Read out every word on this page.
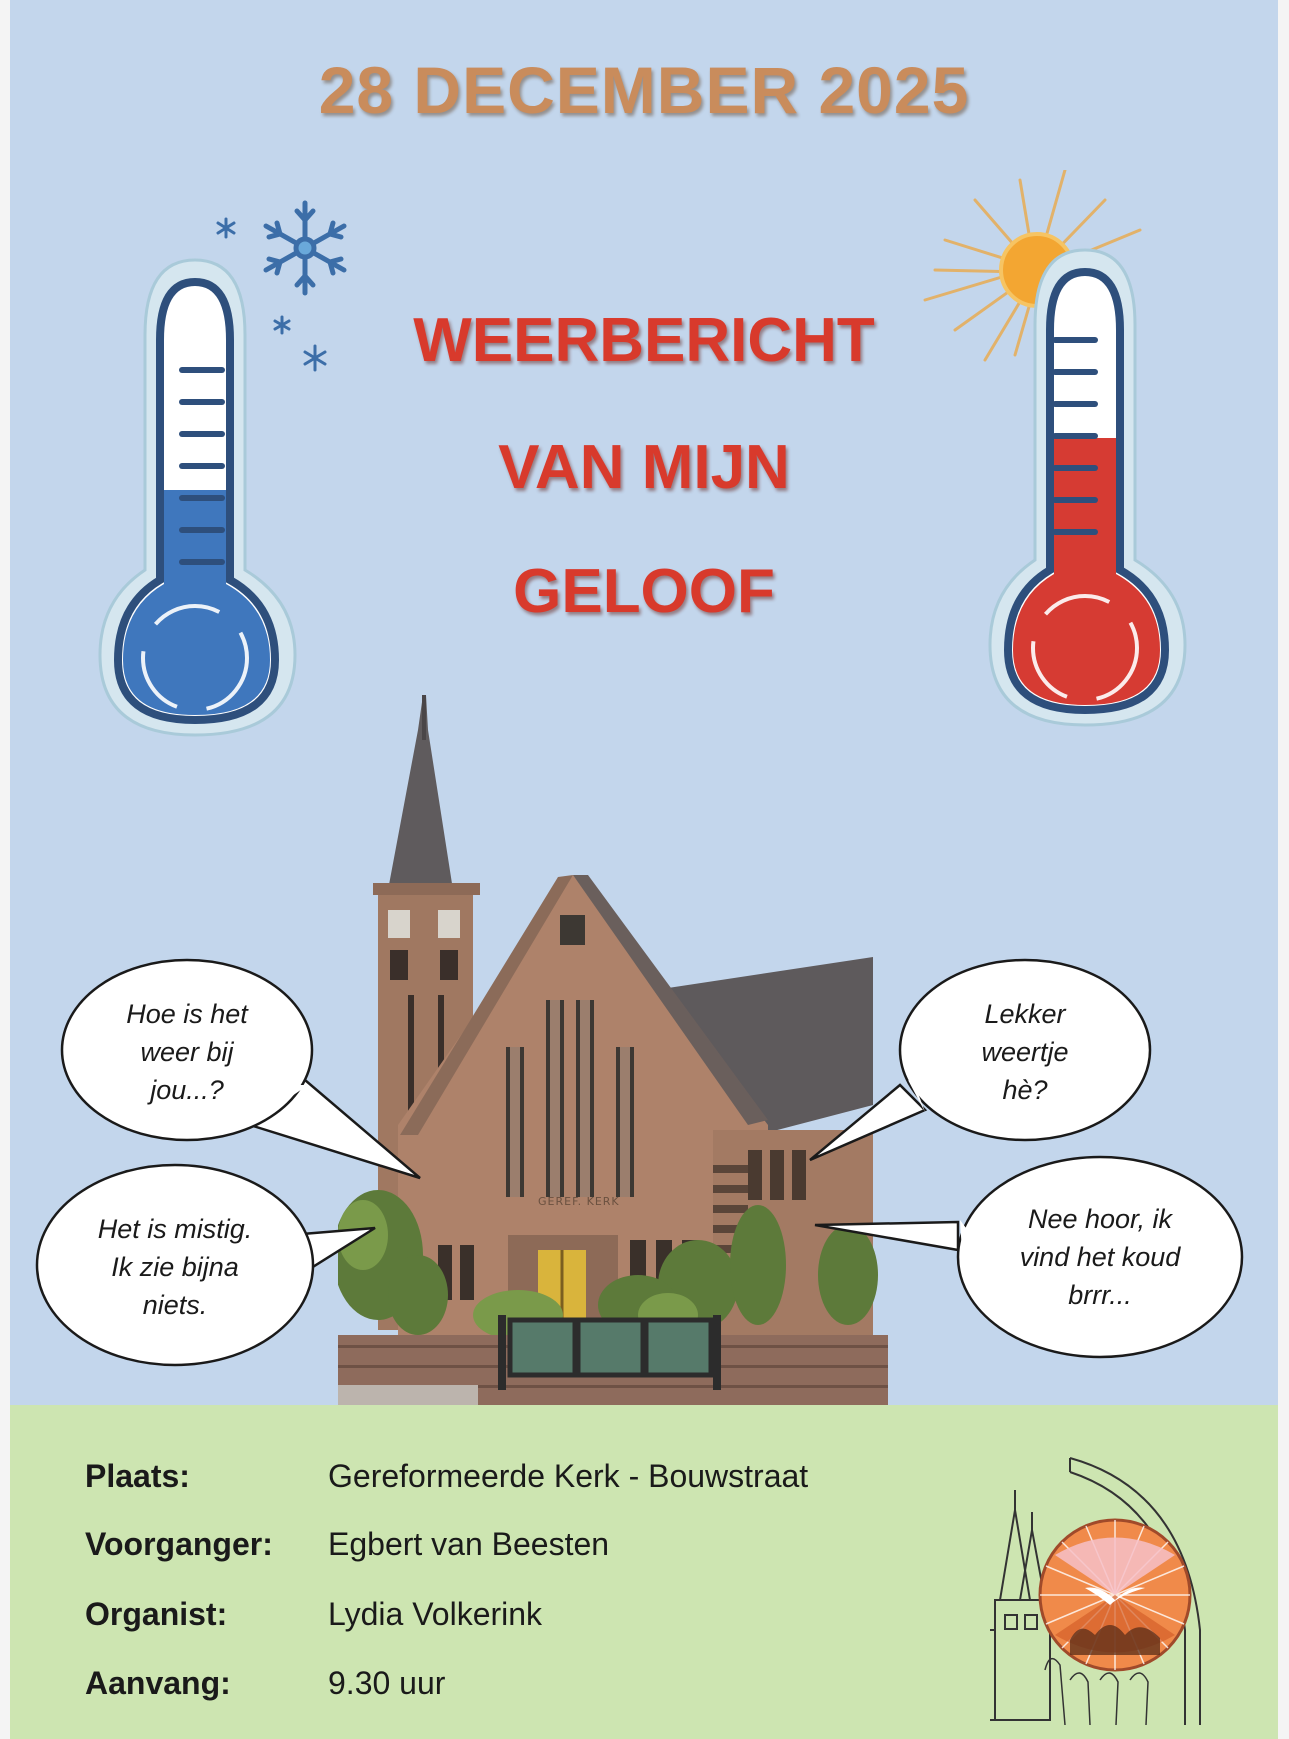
28 DECEMBER 2025
WEERBERICHT
VAN MIJN
GELOOF
GEREF. KERK
Hoe is het
weer bij
jou...?
Het is mistig.
Ik zie bijna
niets.
Lekker
weertje
hè?
Nee hoor, ik
vind het koud
brrr...
Plaats:	Gereformeerde Kerk - Bouwstraat
Voorganger: Egbert van Beesten
Organist:	Lydia Volkerink
Aanvang:	9.30 uur
